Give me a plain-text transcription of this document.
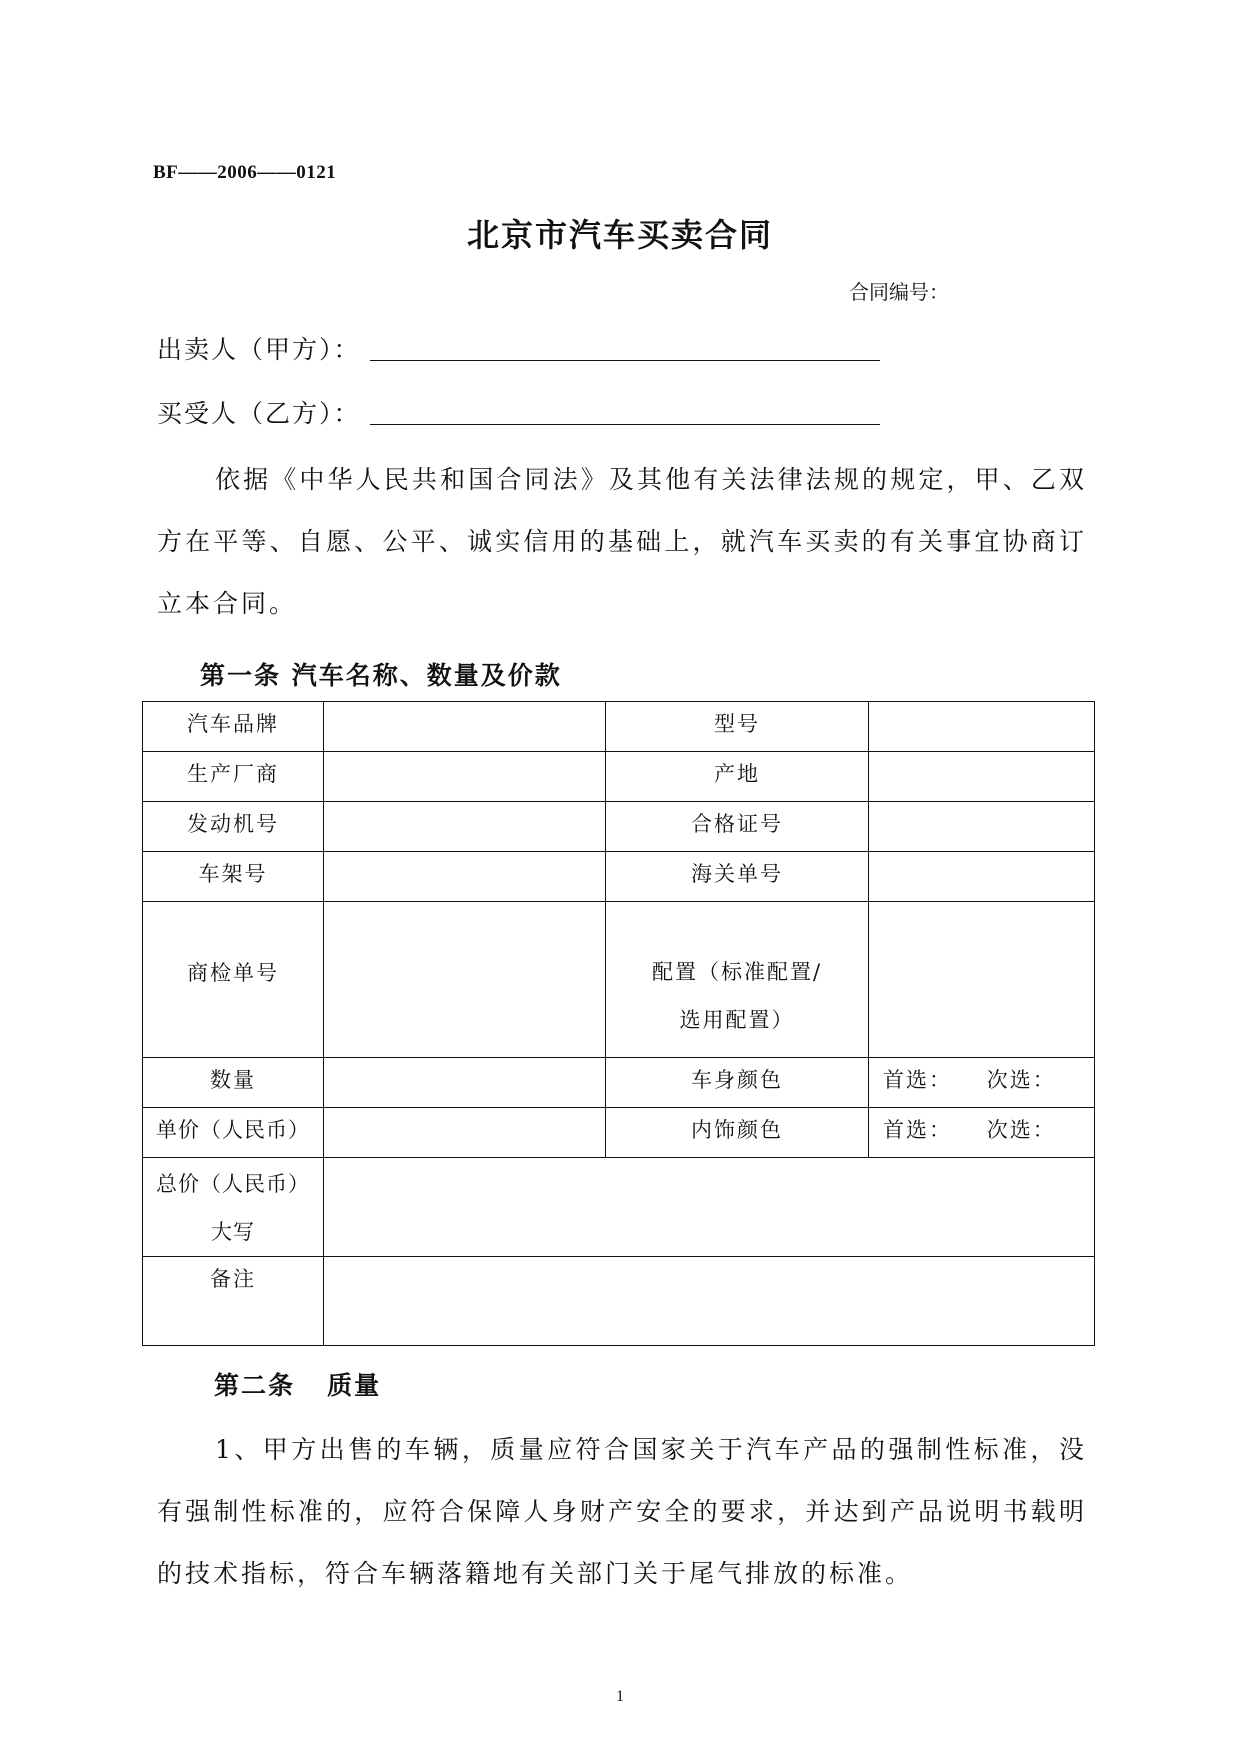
BF——2006——0121
北京市汽车买卖合同
合同编号：
出卖人（甲方）：
买受人（乙方）：
依据《中华人民共和国合同法》及其他有关法律法规的规定，甲、乙双方在平等、自愿、公平、诚实信用的基础上，就汽车买卖的有关事宜协商订立本合同。
第一条 汽车名称、数量及价款
汽车品牌		型号	
生产厂商		产地	
发动机号		合格证号	
车架号		海关单号	

商检单号		配置（标准配置/
选用配置）	

数量		车身颜色	首选：    次选：
单价（人民币）		内饰颜色	首选：    次选：

总价（人民币）
大写			

备注			
第二条   质量
1、甲方出售的车辆，质量应符合国家关于汽车产品的强制性标准，没有强制性标准的，应符合保障人身财产安全的要求，并达到产品说明书载明的技术指标，符合车辆落籍地有关部门关于尾气排放的标准。
1
